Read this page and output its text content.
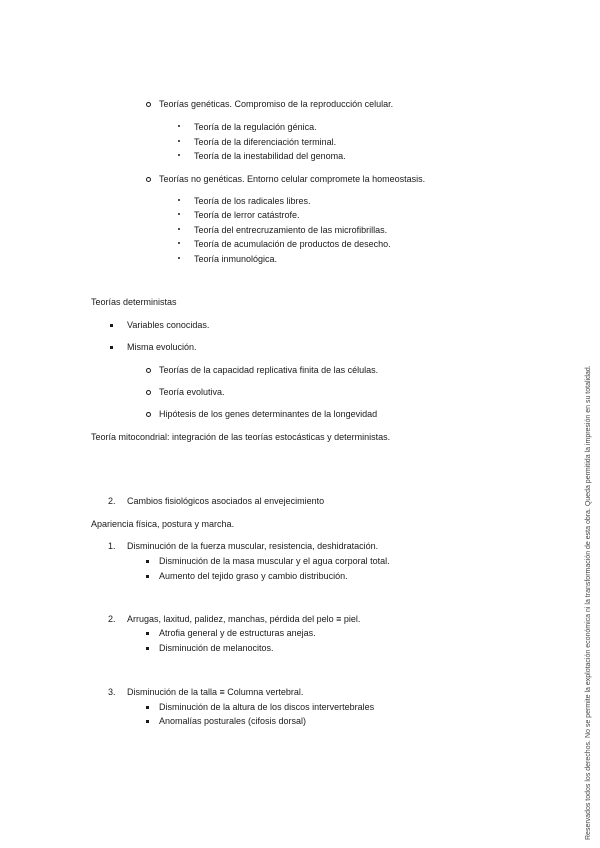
Teorías genéticas. Compromiso de la reproducción celular.
Teoría de la regulación génica.
Teoría de la diferenciación terminal.
Teoría de la inestabilidad del genoma.
Teorías no genéticas. Entorno celular compromete la homeostasis.
Teoría de los radicales libres.
Teoría de lerror catástrofe.
Teoría del entrecruzamiento de las microfibrillas.
Teoría de acumulación de productos de desecho.
Teoría inmunológica.
Teorías deterministas
Variables conocidas.
Misma evolución.
Teorías de la capacidad replicativa finita de las células.
Teoría evolutiva.
Hipótesis de los genes determinantes de la longevidad
Teoría mitocondrial: integración de las teorías estocásticas y deterministas.
2. Cambios fisiológicos asociados al envejecimiento
Apariencia física, postura y marcha.
1. Disminución de la fuerza muscular, resistencia, deshidratación.
Disminución de la masa muscular y el agua corporal total.
Aumento del tejido graso y cambio distribución.
2. Arrugas, laxitud, palidez, manchas, pérdida del pelo ≡ piel.
Atrofia general y de estructuras anejas.
Disminución de melanocitos.
3. Disminución de la talla ≡ Columna vertebral.
Disminución de la altura de los discos intervertebrales
Anomalías posturales (cifosis dorsal)	Reservados todos los derechos. No se permite la explotación económica ni la transformación de esta obra. Queda permitida la impresión en su totalidad.
